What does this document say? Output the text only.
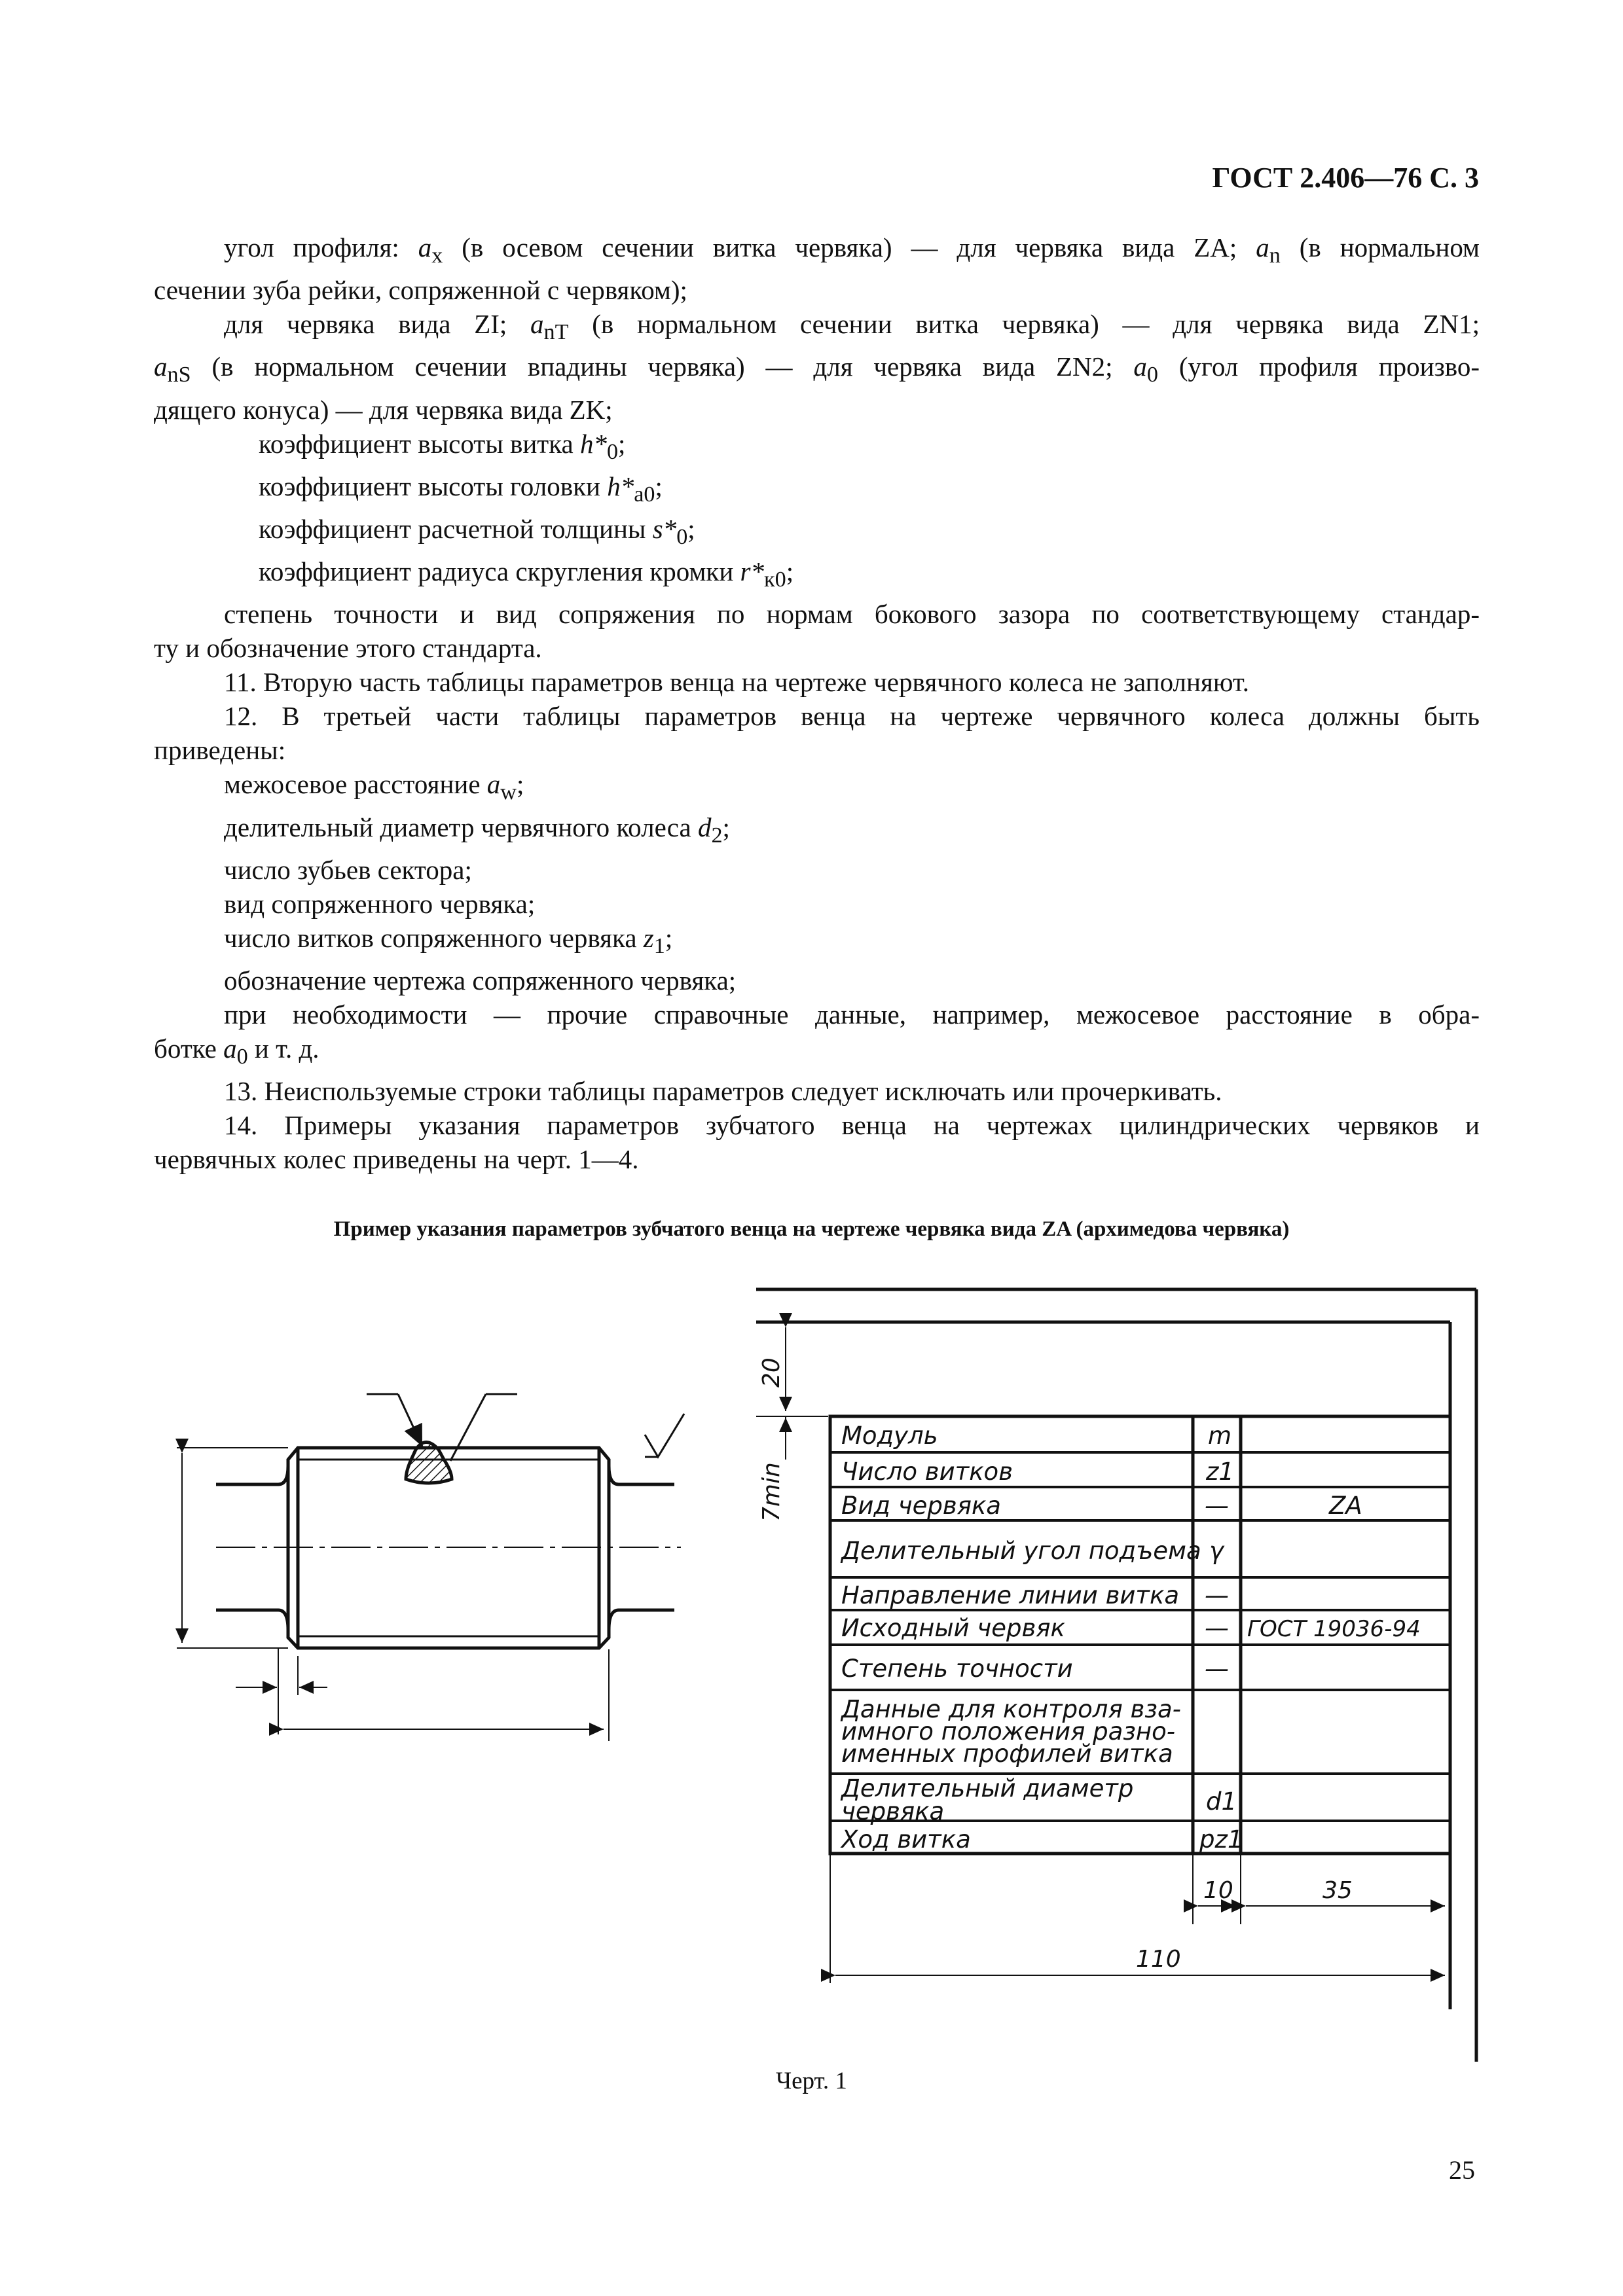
ГОСТ 2.406—76 С. 3

угол профиля: $a_x$ (в осевом сечении витка червяка) — для червяка вида ZA; $a_n$ (в нормальном

сечении зуба рейки, сопряженной с червяком);

для червяка вида ZI; $a_{nT}$ (в нормальном сечении витка червяка) — для червяка вида ZN1;

$a_{nS}$ (в нормальном сечении впадины червяка) — для червяка вида ZN2; $a_0$ (угол профиля произво-

дящего конуса) — для червяка вида ZK;

коэффициент высоты витка $h*_0$;

коэффициент высоты головки $h*_{a0}$;

коэффициент расчетной толщины $s*_0$;

коэффициент радиуса скругления кромки $r*_{к0}$;

степень точности и вид сопряжения по нормам бокового зазора по соответствующему стандар-

ту и обозначение этого стандарта.

11. Вторую часть таблицы параметров венца на чертеже червячного колеса не заполняют.

12. В третьей части таблицы параметров венца на чертеже червячного колеса должны быть

приведены:

межосевое расстояние $a_w$;

делительный диаметр червячного колеса $d_2$;

число зубьев сектора;

вид сопряженного червяка;

число витков сопряженного червяка $z_1$;

обозначение чертежа сопряженного червяка;

при необходимости — прочие справочные данные, например, межосевое расстояние в обра-

ботке $a_0$ и т. д.

13. Неиспользуемые строки таблицы параметров следует исключать или прочеркивать.

14. Примеры указания параметров зубчатого венца на чертежах цилиндрических червяков и

червячных колес приведены на черт. 1—4.

Пример указания параметров зубчатого венца на чертеже червяка вида ZA (архимедова червяка)
20
7min
10	35
110
Модуль
Число витков
Вид червяка
Делительный угол подъема
Направление линии витка
Исходный червяк
Степень точности
Данные для контроля вза-
имного положения разно-
именных профилей витка
Делительный диаметр
червяка
Ход витка
m
z1
—
γ
—
—
—
d1
pz1
ZA
ГОСТ 19036-94
Черт. 1
25
